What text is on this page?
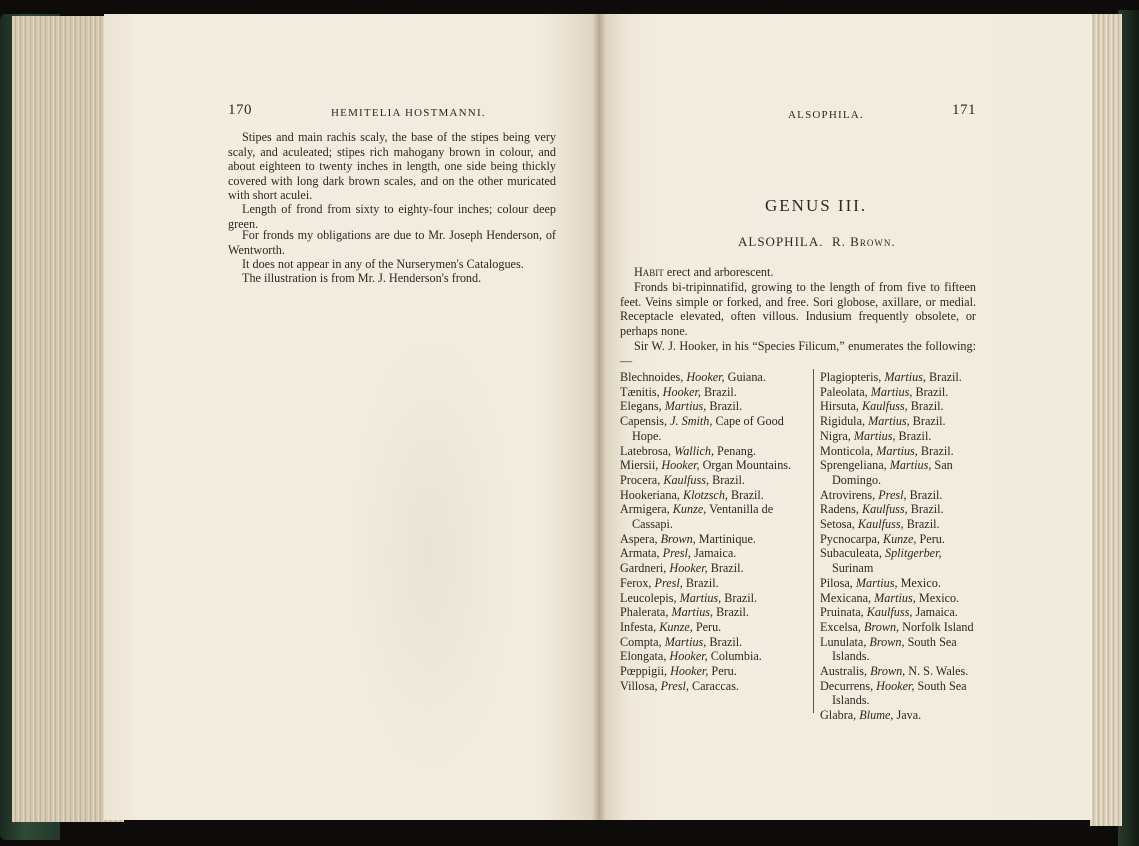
170	HEMITELIA HOSTMANNI.

Stipes and main rachis scaly, the base of the stipes being very scaly, and aculeated; stipes rich mahogany brown in colour, and about eighteen to twenty inches in length, one side being thickly covered with long dark brown scales, and on the other muricated with short aculei.

Length of frond from sixty to eighty-four inches; colour deep green.

For fronds my obligations are due to Mr. Joseph Henderson, of Wentworth.

It does not appear in any of the Nurserymen's Catalogues.

The illustration is from Mr. J. Henderson's frond.

ALSOPHILA.	171
GENUS III.
ALSOPHILA. R. Brown.

Habit erect and arborescent.

Fronds bi-tripinnatifid, growing to the length of from five to fifteen feet. Veins simple or forked, and free. Sori globose, axillare, or medial. Receptacle elevated, often villous. Indusium frequently obsolete, or perhaps none.

Sir W. J. Hooker, in his “Species Filicum,” enumerates the following:—

Blechnoides, Hooker, Guiana.
Tænitis, Hooker, Brazil.
Elegans, Martius, Brazil.
Capensis, J. Smith, Cape of Good Hope.
Latebrosa, Wallich, Penang.
Miersii, Hooker, Organ Mountains.
Procera, Kaulfuss, Brazil.
Hookeriana, Klotzsch, Brazil.
Armigera, Kunze, Ventanilla de Cassapi.
Aspera, Brown, Martinique.
Armata, Presl, Jamaica.
Gardneri, Hooker, Brazil.
Ferox, Presl, Brazil.
Leucolepis, Martius, Brazil.
Phalerata, Martius, Brazil.
Infesta, Kunze, Peru.
Compta, Martius, Brazil.
Elongata, Hooker, Columbia.
Pœppigii, Hooker, Peru.
Villosa, Presl, Caraccas.
Plagiopteris, Martius, Brazil.
Paleolata, Martius, Brazil.
Hirsuta, Kaulfuss, Brazil.
Rigidula, Martius, Brazil.
Nigra, Martius, Brazil.
Monticola, Martius, Brazil.
Sprengeliana, Martius, San Domingo.
Atrovirens, Presl, Brazil.
Radens, Kaulfuss, Brazil.
Setosa, Kaulfuss, Brazil.
Pycnocarpa, Kunze, Peru.
Subaculeata, Splitgerber, Surinam
Pilosa, Martius, Mexico.
Mexicana, Martius, Mexico.
Pruinata, Kaulfuss, Jamaica.
Excelsa, Brown, Norfolk Island
Lunulata, Brown, South Sea Islands.
Australis, Brown, N. S. Wales.
Decurrens, Hooker, South Sea Islands.
Glabra, Blume, Java.
